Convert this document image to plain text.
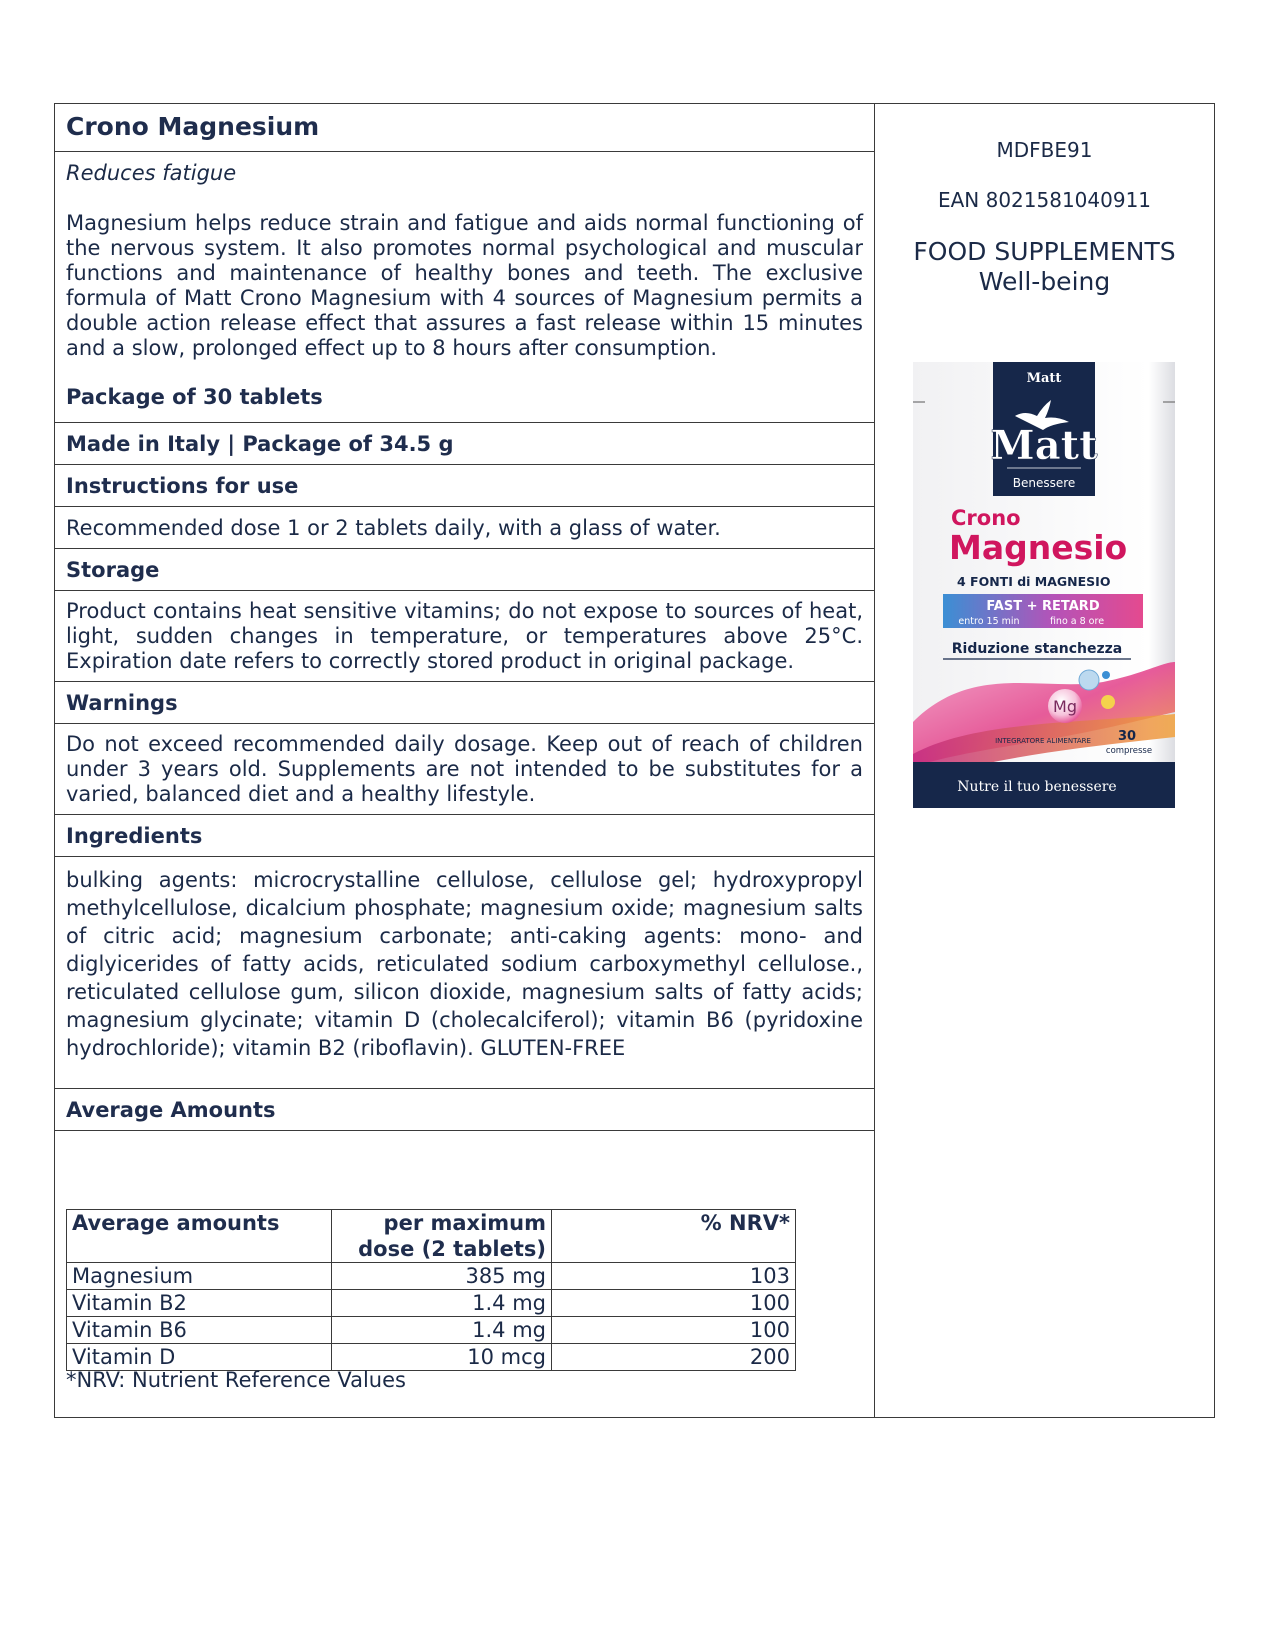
Crono Magnesium
Reduces fatigue
Magnesium helps reduce strain and fatigue and aids normal functioning of the nervous system. It also promotes normal psychological and muscular functions and maintenance of healthy bones and teeth. The exclusive formula of Matt Crono Magnesium with 4 sources of Magnesium permits a double action release effect that assures a fast release within 15 minutes and a slow, prolonged effect up to 8 hours after consumption.
Package of 30 tablets
Made in Italy | Package of 34.5 g
Instructions for use
Recommended dose 1 or 2 tablets daily, with a glass of water.
Storage
Product contains heat sensitive vitamins; do not expose to sources of heat, light, sudden changes in temperature, or temperatures above 25°C. Expiration date refers to correctly stored product in original package.
Warnings
Do not exceed recommended daily dosage. Keep out of reach of children under 3 years old. Supplements are not intended to be substitutes for a varied, balanced diet and a healthy lifestyle.
Ingredients
bulking agents: microcrystalline cellulose, cellulose gel; hydroxypropyl methylcellulose, dicalcium phosphate; magnesium oxide; magnesium salts of citric acid; magnesium carbonate; anti-caking agents: mono- and diglyicerides of fatty acids, reticulated sodium carboxymethyl cellulose., reticulated cellulose gum, silicon dioxide, magnesium salts of fatty acids; magnesium glycinate; vitamin D (cholecalciferol); vitamin B6 (pyridoxine hydrochloride); vitamin B2 (riboflavin). GLUTEN-FREE
Average Amounts
Average amounts	per maximum dose (2 tablets)	% NRV*
Magnesium	385 mg	103
Vitamin B2	1.4 mg	100
Vitamin B6	1.4 mg	100
Vitamin D	10 mcg	200
*NRV: Nutrient Reference Values
MDFBE91
EAN 8021581040911
FOOD SUPPLEMENTS
Well-being
Matt
Matt
Benessere
Crono
Magnesio
4 FONTI di MAGNESIO
FAST + RETARD
entro 15 min	fino a 8 ore
Riduzione stanchezza
Mg
INTEGRATORE ALIMENTARE 30
compresse
Nutre il tuo benessere
